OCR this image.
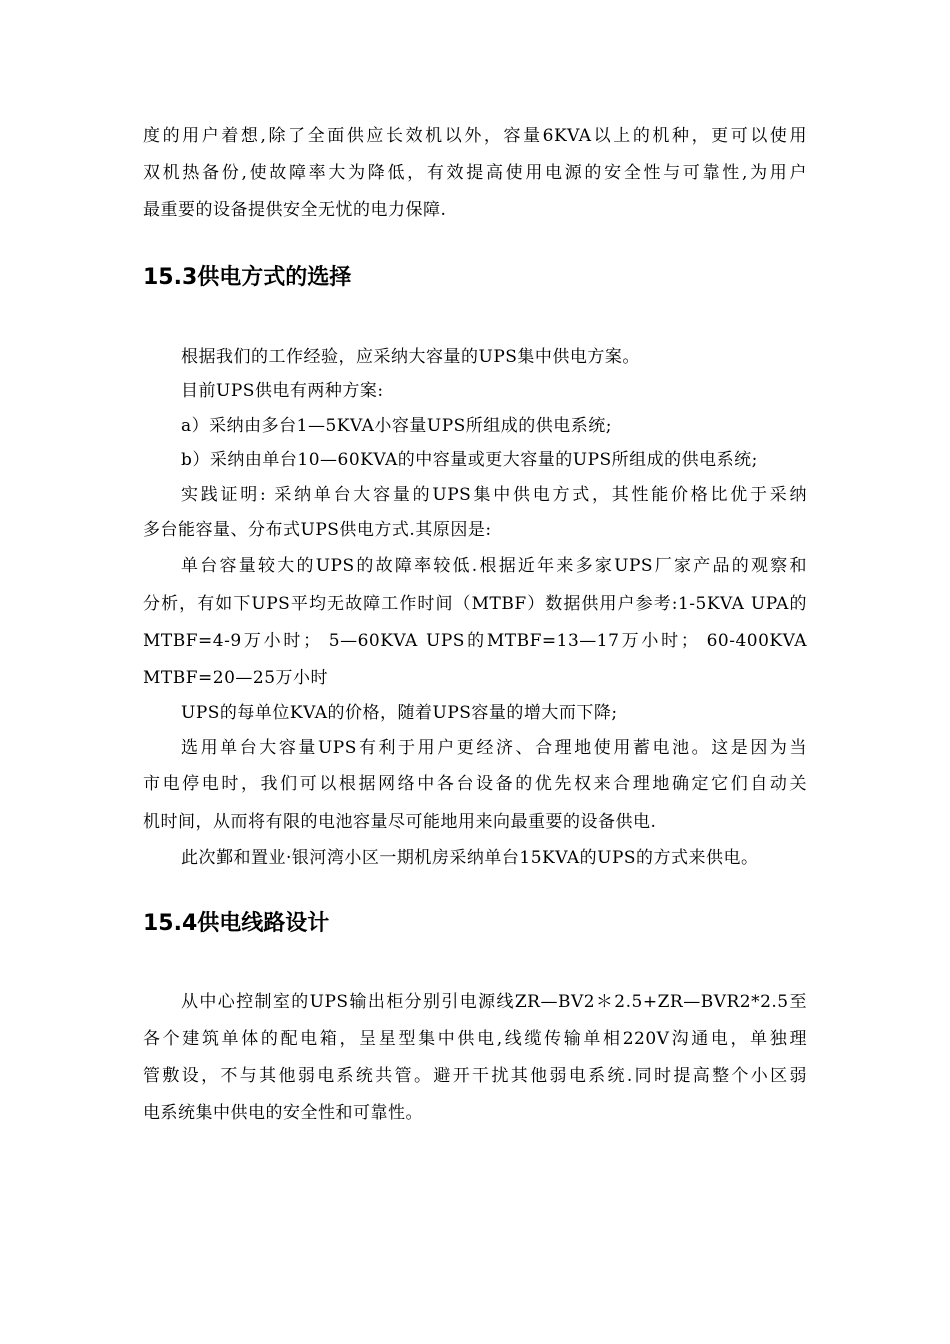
度的用户着想,除了全面供应长效机以外，容量6KVA以上的机种，更可以使用
双机热备份,使故障率大为降低，有效提高使用电源的安全性与可靠性,为用户
最重要的设备提供安全无忧的电力保障.
15.3供电方式的选择
根据我们的工作经验，应采纳大容量的UPS集中供电方案。
目前UPS供电有两种方案:
a）采纳由多台1—5KVA小容量UPS所组成的供电系统;
b）采纳由单台10—60KVA的中容量或更大容量的UPS所组成的供电系统;
实践证明: 采纳单台大容量的UPS集中供电方式，其性能价格比优于采纳
多台能容量、分布式UPS供电方式.其原因是:
单台容量较大的UPS的故障率较低.根据近年来多家UPS厂家产品的观察和
分析，有如下UPS平均无故障工作时间（MTBF）数据供用户参考:1-5KVA UPA的
MTBF=4-9万小时； 5—60KVA UPS的MTBF=13—17万小时； 60-400KVA
MTBF=20—25万小时
UPS的每单位KVA的价格，随着UPS容量的增大而下降;
选用单台大容量UPS有利于用户更经济、合理地使用蓄电池。这是因为当
市电停电时，我们可以根据网络中各台设备的优先权来合理地确定它们自动关
机时间，从而将有限的电池容量尽可能地用来向最重要的设备供电.
此次鄞和置业·银河湾小区一期机房采纳单台15KVA的UPS的方式来供电。
15.4供电线路设计
从中心控制室的UPS输出柜分别引电源线ZR—BV2＊2.5+ZR—BVR2*2.5至
各个建筑单体的配电箱，呈星型集中供电,线缆传输单相220V沟通电，单独理
管敷设，不与其他弱电系统共管。避开干扰其他弱电系统.同时提高整个小区弱
电系统集中供电的安全性和可靠性。
